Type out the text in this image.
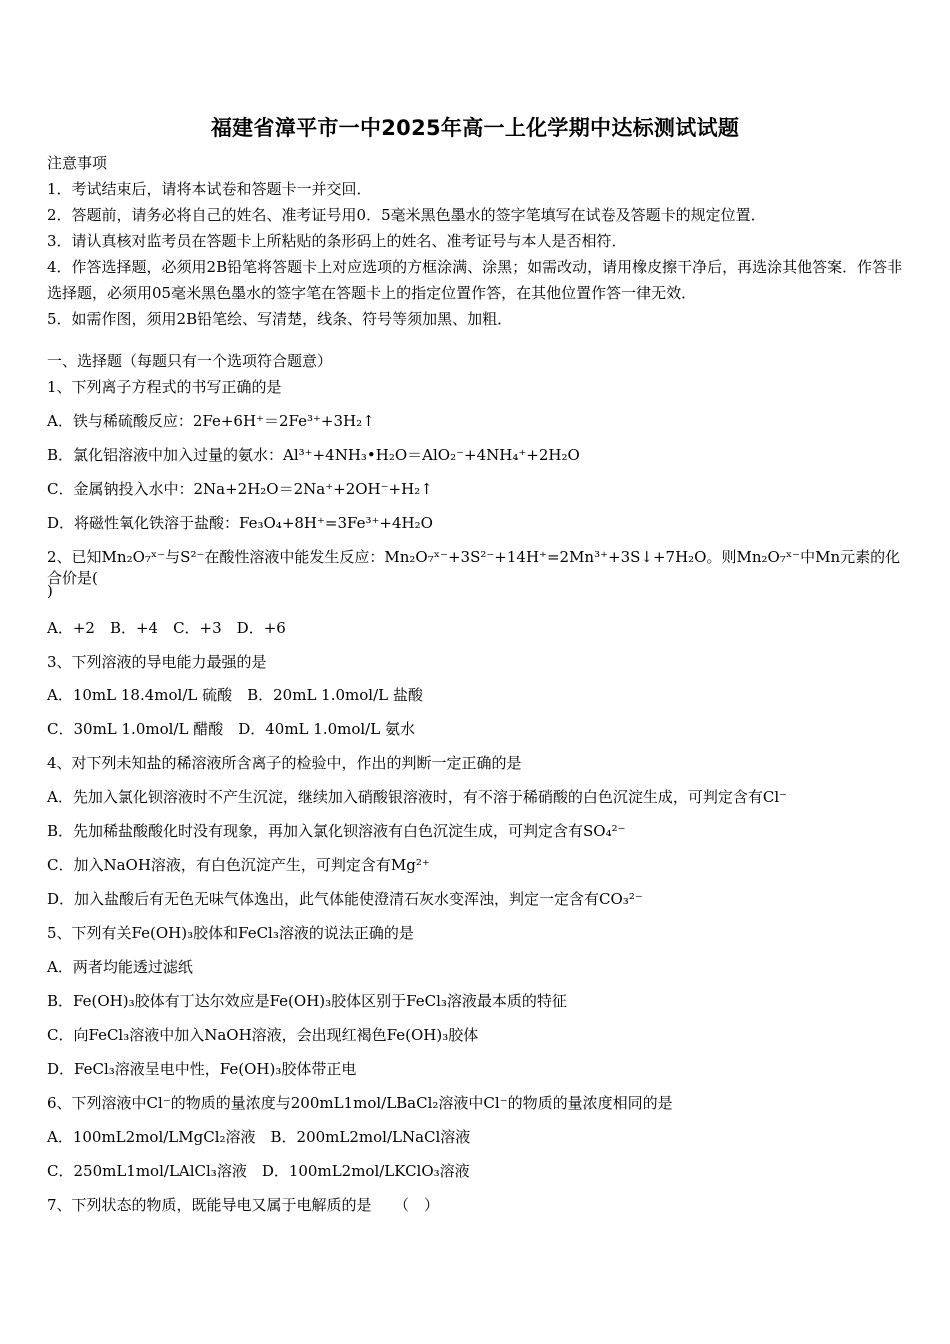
福建省漳平市一中2025年高一上化学期中达标测试试题
注意事项
1．考试结束后，请将本试卷和答题卡一并交回．
2．答题前，请务必将自己的姓名、准考证号用0．5毫米黑色墨水的签字笔填写在试卷及答题卡的规定位置．
3．请认真核对监考员在答题卡上所粘贴的条形码上的姓名、准考证号与本人是否相符．
4．作答选择题，必须用2B铅笔将答题卡上对应选项的方框涂满、涂黑；如需改动，请用橡皮擦干净后，再选涂其他答案．作答非选择题，必须用05毫米黑色墨水的签字笔在答题卡上的指定位置作答，在其他位置作答一律无效．
5．如需作图，须用2B铅笔绘、写清楚，线条、符号等须加黑、加粗．
一、选择题（每题只有一个选项符合题意）
1、下列离子方程式的书写正确的是
A．铁与稀硫酸反应：2Fe+6H⁺＝2Fe³⁺+3H₂↑
B．氯化铝溶液中加入过量的氨水：Al³⁺+4NH₃•H₂O＝AlO₂⁻+4NH₄⁺+2H₂O
C．金属钠投入水中：2Na+2H₂O＝2Na⁺+2OH⁻+H₂↑
D．将磁性氧化铁溶于盐酸：Fe₃O₄+8H⁺=3Fe³⁺+4H₂O
2、已知Mn₂O₇ˣ⁻与S²⁻在酸性溶液中能发生反应：Mn₂O₇ˣ⁻+3S²⁻+14H⁺=2Mn³⁺+3S↓+7H₂O。则Mn₂O₇ˣ⁻中Mn元素的化合价是(
)
A．+2　B．+4　C．+3　D．+6
3、下列溶液的导电能力最强的是
A．10mL 18.4mol/L 硫酸　B．20mL 1.0mol/L 盐酸
C．30mL 1.0mol/L 醋酸　D．40mL 1.0mol/L 氨水
4、对下列未知盐的稀溶液所含离子的检验中，作出的判断一定正确的是
A．先加入氯化钡溶液时不产生沉淀，继续加入硝酸银溶液时，有不溶于稀硝酸的白色沉淀生成，可判定含有Cl⁻
B．先加稀盐酸酸化时没有现象，再加入氯化钡溶液有白色沉淀生成，可判定含有SO₄²⁻
C．加入NaOH溶液，有白色沉淀产生，可判定含有Mg²⁺
D．加入盐酸后有无色无味气体逸出，此气体能使澄清石灰水变浑浊，判定一定含有CO₃²⁻
5、下列有关Fe(OH)₃胶体和FeCl₃溶液的说法正确的是
A．两者均能透过滤纸
B．Fe(OH)₃胶体有丁达尔效应是Fe(OH)₃胶体区别于FeCl₃溶液最本质的特征
C．向FeCl₃溶液中加入NaOH溶液，会出现红褐色Fe(OH)₃胶体
D．FeCl₃溶液呈电中性，Fe(OH)₃胶体带正电
6、下列溶液中Cl⁻的物质的量浓度与200mL1mol/LBaCl₂溶液中Cl⁻的物质的量浓度相同的是
A．100mL2mol/LMgCl₂溶液　B．200mL2mol/LNaCl溶液
C．250mL1mol/LAlCl₃溶液　D．100mL2mol/LKClO₃溶液
7、下列状态的物质，既能导电又属于电解质的是　　（　）
